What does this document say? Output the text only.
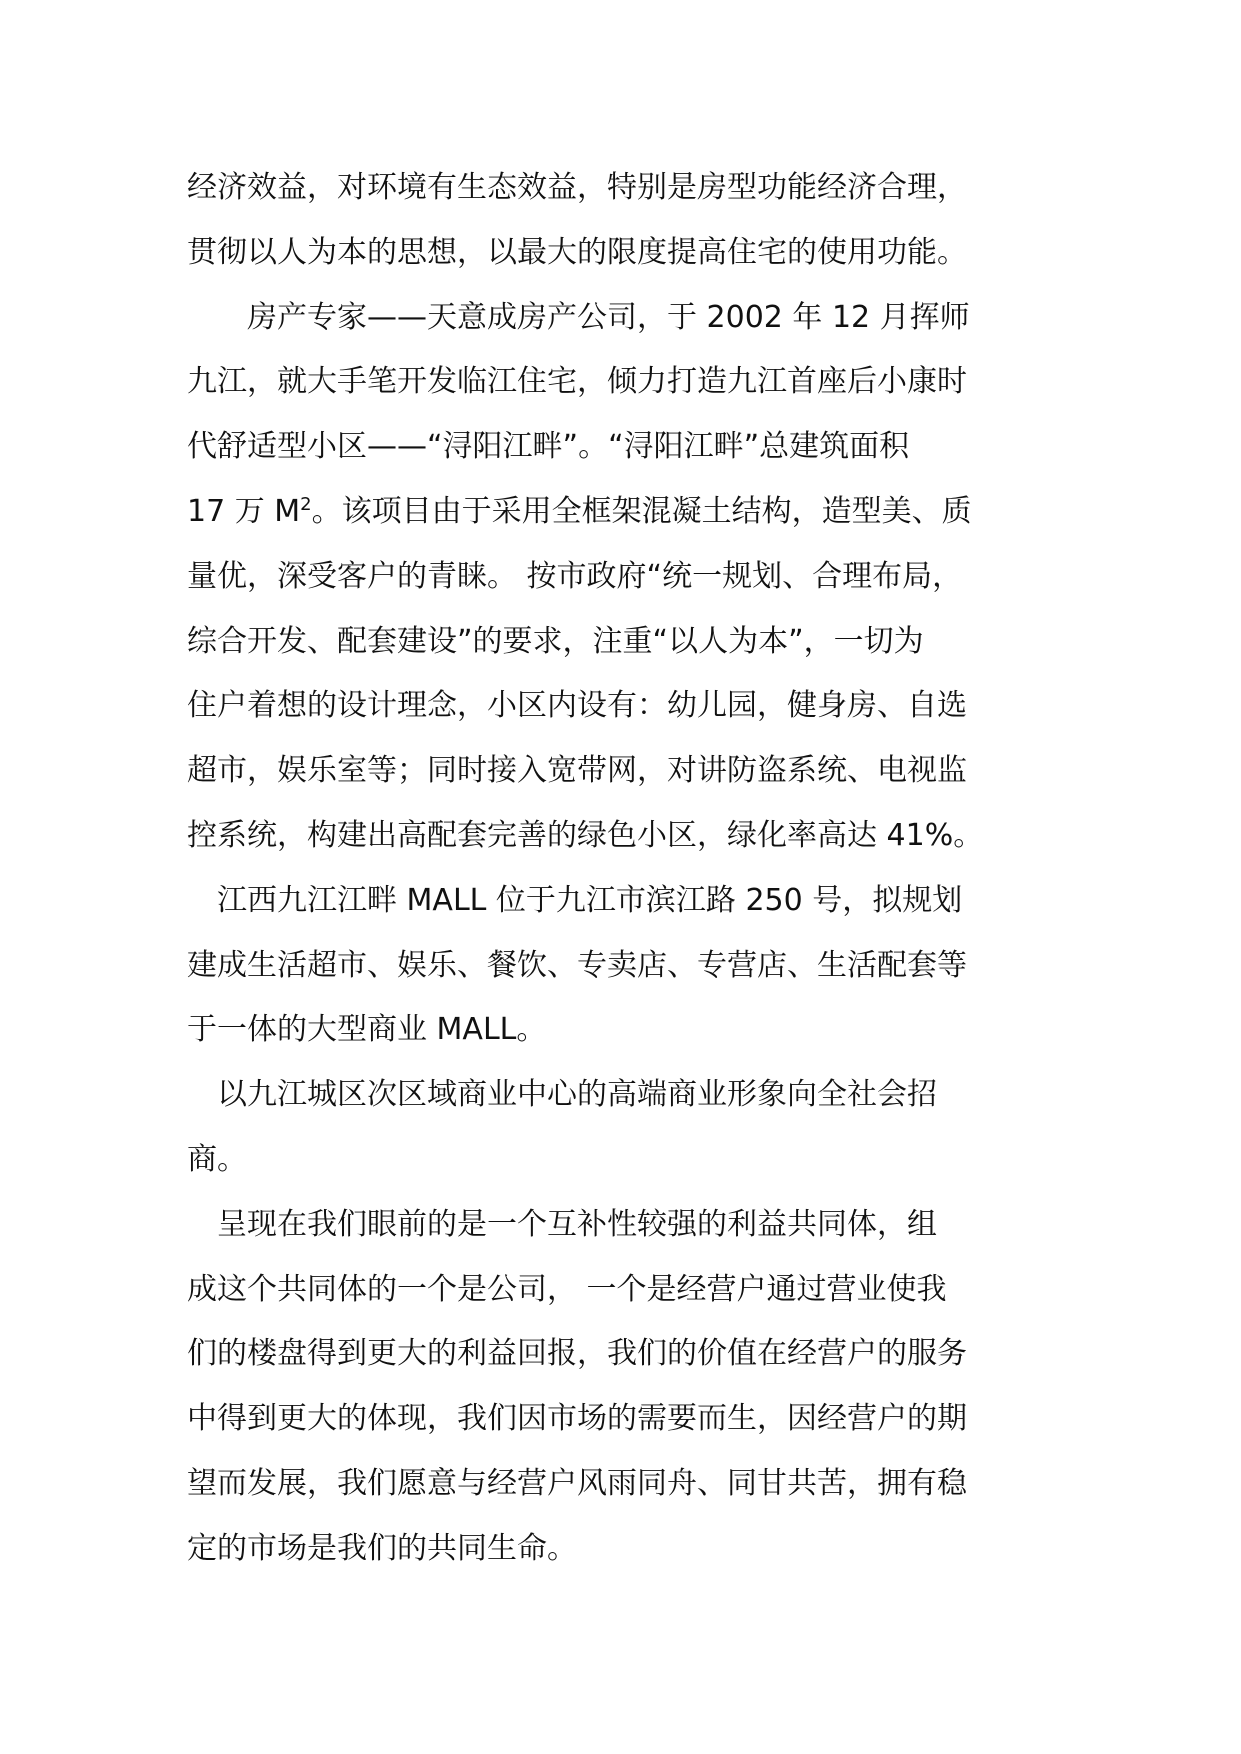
经济效益，对环境有生态效益，特别是房型功能经济合理，
贯彻以人为本的思想，以最大的限度提高住宅的使用功能。
　　房产专家——天意成房产公司，于 2002 年 12 月挥师
九江，就大手笔开发临江住宅，倾力打造九江首座后小康时
代舒适型小区——“浔阳江畔”。“浔阳江畔”总建筑面积
17 万 $M^2$。该项目由于采用全框架混凝土结构，造型美、质
量优，深受客户的青睐。 按市政府“统一规划、合理布局，
综合开发、配套建设”的要求，注重“以人为本”，一切为
住户着想的设计理念，小区内设有：幼儿园，健身房、自选
超市，娱乐室等；同时接入宽带网，对讲防盗系统、电视监
控系统，构建出高配套完善的绿色小区，绿化率高达 41%。
　江西九江江畔 MALL 位于九江市滨江路 250 号，拟规划
建成生活超市、娱乐、餐饮、专卖店、专营店、生活配套等
于一体的大型商业 MALL。
　以九江城区次区域商业中心的高端商业形象向全社会招
商。
　呈现在我们眼前的是一个互补性较强的利益共同体，组
成这个共同体的一个是公司， 一个是经营户通过营业使我
们的楼盘得到更大的利益回报，我们的价值在经营户的服务
中得到更大的体现，我们因市场的需要而生，因经营户的期
望而发展，我们愿意与经营户风雨同舟、同甘共苦，拥有稳
定的市场是我们的共同生命。
